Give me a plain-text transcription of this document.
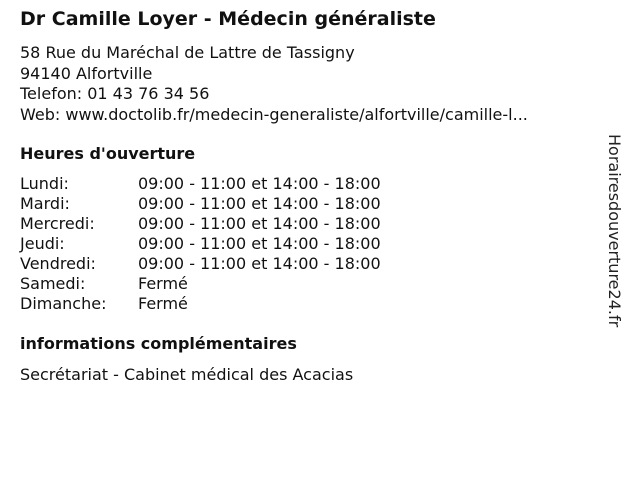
Dr Camille Loyer - Médecin généraliste
58 Rue du Maréchal de Lattre de Tassigny
94140 Alfortville
Telefon: 01 43 76 34 56
Web: www.doctolib.fr/medecin-generaliste/alfortville/camille-l...
Heures d'ouverture
Lundi:	09:00 - 11:00 et 14:00 - 18:00
Mardi:	09:00 - 11:00 et 14:00 - 18:00
Mercredi:	09:00 - 11:00 et 14:00 - 18:00
Jeudi:	09:00 - 11:00 et 14:00 - 18:00
Vendredi:	09:00 - 11:00 et 14:00 - 18:00
Samedi:	Fermé
Dimanche:	Fermé
informations complémentaires
Secrétariat - Cabinet médical des Acacias
Horairesdouverture24.fr
